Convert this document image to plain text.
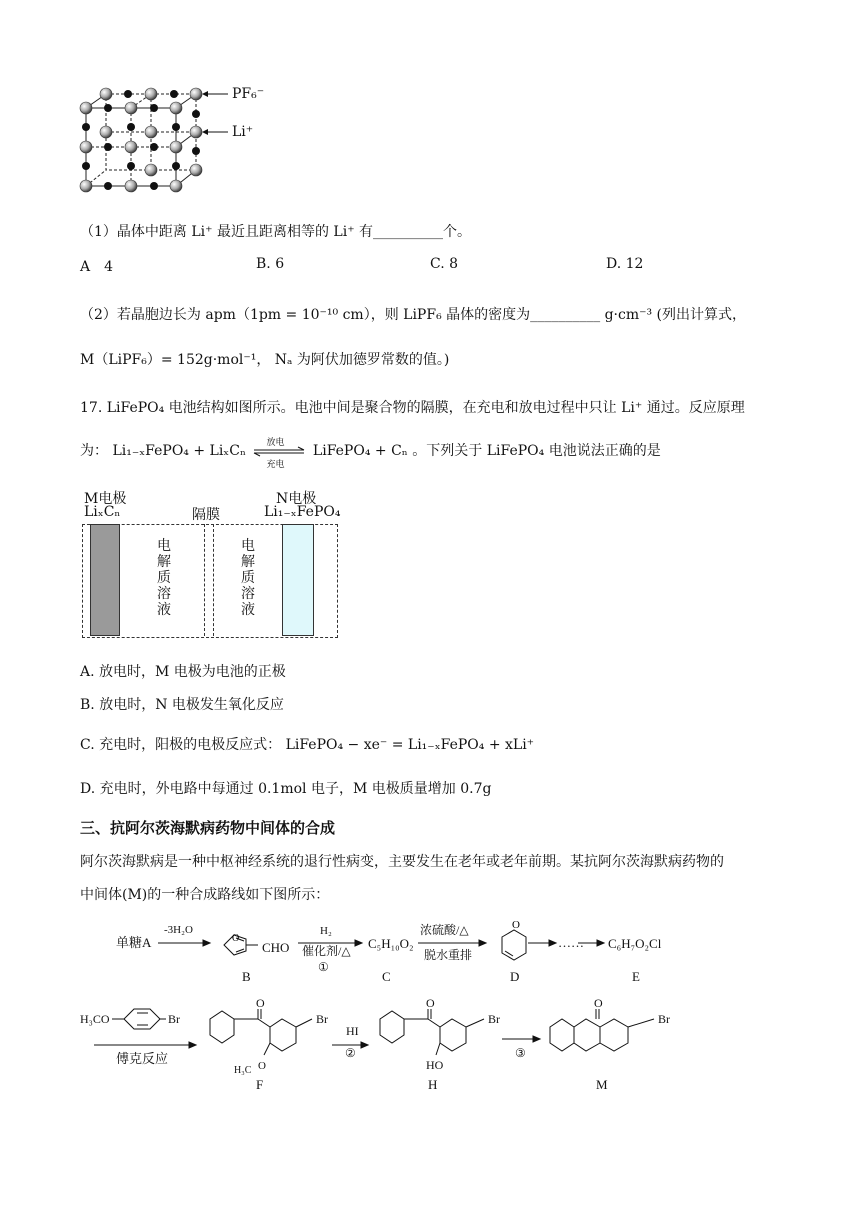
PF₆⁻
Li⁺
（1）晶体中距离 Li⁺ 最近且距离相等的 Li⁺ 有__________个。
A　4	B. 6	C. 8	D. 12
（2）若晶胞边长为 apm（1pm = 10⁻¹⁰ cm），则 LiPF₆ 晶体的密度为__________ g·cm⁻³ (列出计算式，
M（LiPF₆）= 152g·mol⁻¹， Nₐ 为阿伏加德罗常数的值。)
17. LiFePO₄ 电池结构如图所示。电池中间是聚合物的隔膜，在充电和放电过程中只让 Li⁺ 通过。反应原理
为： Li₁₋ₓFePO₄ + LiₓCₙ 放电
充电
LiFePO₄ + Cₙ 。下列关于 LiFePO₄ 电池说法正确的是
M电极
LiₓCₙ	隔膜
N电极
Li₁₋ₓFePO₄
电
解
质
溶
液
电
解
质
溶
液
A. 放电时，M 电极为电池的正极
B. 放电时，N 电极发生氧化反应
C. 充电时，阳极的电极反应式： LiFePO₄ − xe⁻ = Li₁₋ₓFePO₄ + xLi⁺
D. 充电时，外电路中每通过 0.1mol 电子，M 电极质量增加 0.7g
三、抗阿尔茨海默病药物中间体的合成
阿尔茨海默病是一种中枢神经系统的退行性病变，主要发生在老年或老年前期。某抗阿尔茨海默病药物的
中间体(M)的一种合成路线如下图所示：
单糖A
-3H₂O
CHO
H₂
催化剂/△
①
C₅H₁₀O₂
浓硫酸/△
脱水重排
…… C₆H₇O₂Cl
B	C	D	E
O
O
H₃CO	Br
傅克反应
Br
O
H₃C O
HI
②
Br
O
HO
③
Br
O
F	H	M
